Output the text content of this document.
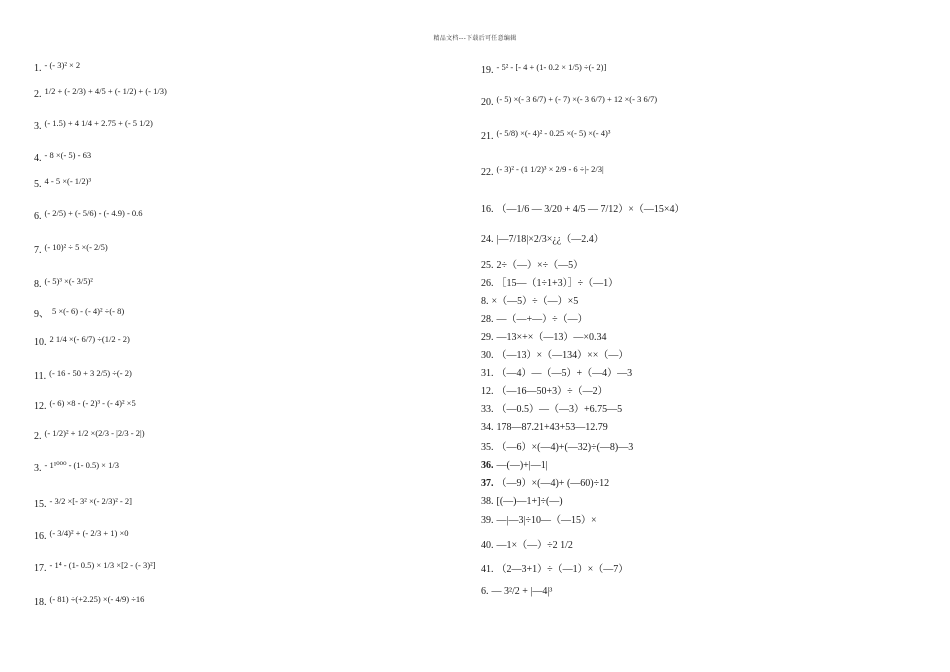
精品文档---下载后可任意编辑
1. - (- 3)² × 2
2. 1/2 + (- 2/3) + 4/5 + (- 1/2) + (- 1/3)
3. (- 1.5) + 4 1/4 + 2.75 + (- 5 1/2)
4. - 8 ×(- 5) - 63
5. 4 - 5 ×(- 1/2)³
6. (- 2/5) + (- 5/6) - (- 4.9) - 0.6
7. (- 10)² ÷ 5 ×(- 2/5)
8. (- 5)³ ×(- 3/5)²
9、 5 ×(- 6) - (- 4)² ÷(- 8)
10. 2 1/4 ×(- 6/7) ÷(1/2 - 2)
11. (- 16 - 50 + 3 2/5) ÷(- 2)
12. (- 6) ×8 - (- 2)³ - (- 4)² ×5
2. (- 1/2)² + 1/2 ×(2/3 - |2/3 - 2|)
3. - 1¹⁰⁰⁰ - (1- 0.5) × 1/3
15. - 3/2 ×[- 3² ×(- 2/3)² - 2]
16. (- 3/4)² + (- 2/3 + 1) ×0
17. - 1⁴ - (1- 0.5) × 1/3 ×[2 - (- 3)²]
18. (- 81) ÷(+2.25) ×(- 4/9) ÷16
19. - 5² - [- 4 + (1- 0.2 × 1/5) ÷(- 2)]
20. (- 5) ×(- 3 6/7) + (- 7) ×(- 3 6/7) + 12 ×(- 3 6/7)
21. (- 5/8) ×(- 4)² - 0.25 ×(- 5) ×(- 4)³
22. (- 3)² - (1 1/2)³ × 2/9 - 6 ÷|- 2/3|
16. （—1/6 — 3/20 + 4/5 — 7/12）×（—15×4）
24. |—7/18|×2/3×¿¿（—2.4）
25. 2÷（—）×÷（—5）
26. ［15—（1÷1+3）］÷（—1）
8. ×（—5）÷（—）×5
28. —（—+—）÷（—）
29. —13×+×（—13）—×0.34
30. （—13）×（—134）××（—）
31. （—4）—（—5）+（—4）—3
12. （—16—50+3）÷（—2）
33. （—0.5）—（—3）+6.75—5
34. 178—87.21+43+53—12.79
35. （—6）×(—4)+(—32)÷(—8)—3
36. —(—)+|—1|
37. （—9）×(—4)+ (—60)÷12
38. [(—)—1+]÷(—)
39. —|—3|÷10—（—15）×
40. —1×（—）÷2 1/2
41. （2—3+1）÷（—1）×（—7）
6. — 3²/2 + |—4|³
